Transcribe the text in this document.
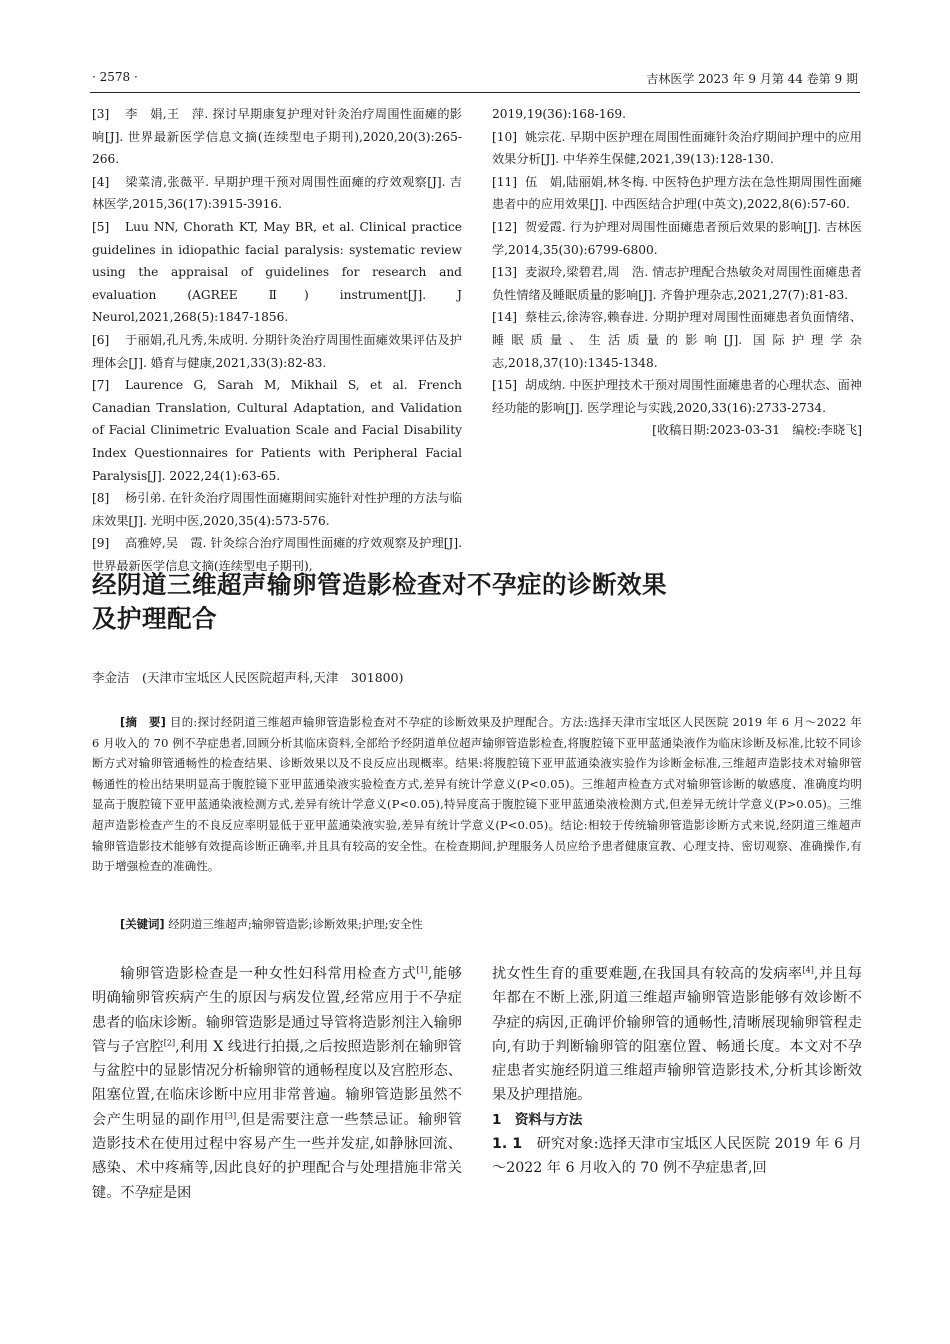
· 2578 ·	吉林医学 2023 年 9 月第 44 卷第 9 期

[3] 李　娟,王　萍. 探讨早期康复护理对针灸治疗周围性面瘫的影响[J]. 世界最新医学信息文摘(连续型电子期刊),2020,20(3):265-266.

[4] 梁菜清,张薇平. 早期护理干预对周围性面瘫的疗效观察[J]. 吉林医学,2015,36(17):3915-3916.

[5] Luu NN, Chorath KT, May BR, et al. Clinical practice guidelines in idiopathic facial paralysis: systematic review using the appraisal of guidelines for research and evaluation (AGREE Ⅱ) instrument[J]. J Neurol,2021,268(5):1847-1856.

[6] 于丽娟,孔凡秀,朱成明. 分期针灸治疗周围性面瘫效果评估及护理体会[J]. 婚育与健康,2021,33(3):82-83.

[7] Laurence G, Sarah M, Mikhail S, et al. French Canadian Translation, Cultural Adaptation, and Validation of Facial Clinimetric Evaluation Scale and Facial Disability Index Questionnaires for Patients with Peripheral Facial Paralysis[J]. 2022,24(1):63-65.

[8] 杨引弟. 在针灸治疗周围性面瘫期间实施针对性护理的方法与临床效果[J]. 光明中医,2020,35(4):573-576.

[9] 高雅婷,吴　霞. 针灸综合治疗周围性面瘫的疗效观察及护理[J]. 世界最新医学信息文摘(连续型电子期刊),

2019,19(36):168-169.

[10] 姚宗花. 早期中医护理在周围性面瘫针灸治疗期间护理中的应用效果分析[J]. 中华养生保健,2021,39(13):128-130.

[11] 伍　娟,陆丽娟,林冬梅. 中医特色护理方法在急性期周围性面瘫患者中的应用效果[J]. 中西医结合护理(中英文),2022,8(6):57-60.

[12] 贺爱霞. 行为护理对周围性面瘫患者预后效果的影响[J]. 吉林医学,2014,35(30):6799-6800.

[13] 麦淑玲,梁碧君,周　浩. 情志护理配合热敏灸对周围性面瘫患者负性情绪及睡眠质量的影响[J]. 齐鲁护理杂志,2021,27(7):81-83.

[14] 蔡桂云,徐涛容,赖春进. 分期护理对周围性面瘫患者负面情绪、睡眠质量、生活质量的影响[J]. 国际护理学杂志,2018,37(10):1345-1348.

[15] 胡成纳. 中医护理技术干预对周围性面瘫患者的心理状态、面神经功能的影响[J]. 医学理论与实践,2020,33(16):2733-2734.

[收稿日期:2023-03-31　编校:李晓飞]
经阴道三维超声输卵管造影检查对不孕症的诊断效果
及护理配合
李金洁　(天津市宝坻区人民医院超声科,天津　301800)
[摘　要] 目的:探讨经阴道三维超声输卵管造影检查对不孕症的诊断效果及护理配合。方法:选择天津市宝坻区人民医院 2019 年 6 月～2022 年 6 月收入的 70 例不孕症患者,回顾分析其临床资料,全部给予经阴道单位超声输卵管造影检查,将腹腔镜下亚甲蓝通染液作为临床诊断及标准,比较不同诊断方式对输卵管通畅性的检查结果、诊断效果以及不良反应出现概率。结果:将腹腔镜下亚甲蓝通染液实验作为诊断金标准,三维超声造影技术对输卵管畅通性的检出结果明显高于腹腔镜下亚甲蓝通染液实验检查方式,差异有统计学意义(P<0.05)。三维超声检查方式对输卵管诊断的敏感度、准确度均明显高于腹腔镜下亚甲蓝通染液检测方式,差异有统计学意义(P<0.05),特异度高于腹腔镜下亚甲蓝通染液检测方式,但差异无统计学意义(P>0.05)。三维超声造影检查产生的不良反应率明显低于亚甲蓝通染液实验,差异有统计学意义(P<0.05)。结论:相较于传统输卵管造影诊断方式来说,经阴道三维超声输卵管造影技术能够有效提高诊断正确率,并且具有较高的安全性。在检查期间,护理服务人员应给予患者健康宣教、心理支持、密切观察、准确操作,有助于增强检查的准确性。
[关键词] 经阴道三维超声;输卵管造影;诊断效果;护理;安全性

输卵管造影检查是一种女性妇科常用检查方式[1],能够明确输卵管疾病产生的原因与病发位置,经常应用于不孕症患者的临床诊断。输卵管造影是通过导管将造影剂注入输卵管与子宫腔[2],利用 X 线进行拍摄,之后按照造影剂在输卵管与盆腔中的显影情况分析输卵管的通畅程度以及宫腔形态、阻塞位置,在临床诊断中应用非常普遍。输卵管造影虽然不会产生明显的副作用[3],但是需要注意一些禁忌证。输卵管造影技术在使用过程中容易产生一些并发症,如静脉回流、感染、术中疼痛等,因此良好的护理配合与处理措施非常关键。不孕症是困

扰女性生育的重要难题,在我国具有较高的发病率[4],并且每年都在不断上涨,阴道三维超声输卵管造影能够有效诊断不孕症的病因,正确评价输卵管的通畅性,清晰展现输卵管程走向,有助于判断输卵管的阻塞位置、畅通长度。本文对不孕症患者实施经阴道三维超声输卵管造影技术,分析其诊断效果及护理措施。

1　资料与方法

1. 1　 研究对象:选择天津市宝坻区人民医院 2019 年 6 月～2022 年 6 月收入的 70 例不孕症患者,回
